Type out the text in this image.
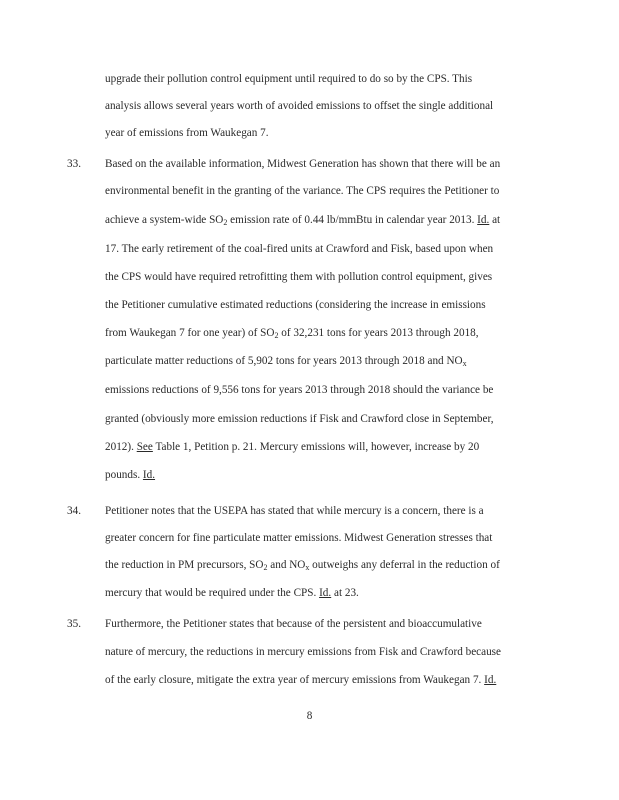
upgrade their pollution control equipment until required to do so by the CPS. This
analysis allows several years worth of avoided emissions to offset the single additional
year of emissions from Waukegan 7.
33. Based on the available information, Midwest Generation has shown that there will be an
environmental benefit in the granting of the variance. The CPS requires the Petitioner to
achieve a system-wide $SO_2$ emission rate of 0.44 lb/mmBtu in calendar year 2013. Id. at
17. The early retirement of the coal-fired units at Crawford and Fisk, based upon when
the CPS would have required retrofitting them with pollution control equipment, gives
the Petitioner cumulative estimated reductions (considering the increase in emissions
from Waukegan 7 for one year) of $SO_2$ of 32,231 tons for years 2013 through 2018,
particulate matter reductions of 5,902 tons for years 2013 through 2018 and $NO_x$
emissions reductions of 9,556 tons for years 2013 through 2018 should the variance be
granted (obviously more emission reductions if Fisk and Crawford close in September,
2012). See Table 1, Petition p. 21. Mercury emissions will, however, increase by 20
pounds. Id.
34. Petitioner notes that the USEPA has stated that while mercury is a concern, there is a
greater concern for fine particulate matter emissions. Midwest Generation stresses that
the reduction in PM precursors, $SO_2$ and $NO_x$ outweighs any deferral in the reduction of
mercury that would be required under the CPS. Id. at 23.
35. Furthermore, the Petitioner states that because of the persistent and bioaccumulative
nature of mercury, the reductions in mercury emissions from Fisk and Crawford because
of the early closure, mitigate the extra year of mercury emissions from Waukegan 7. Id.
8
